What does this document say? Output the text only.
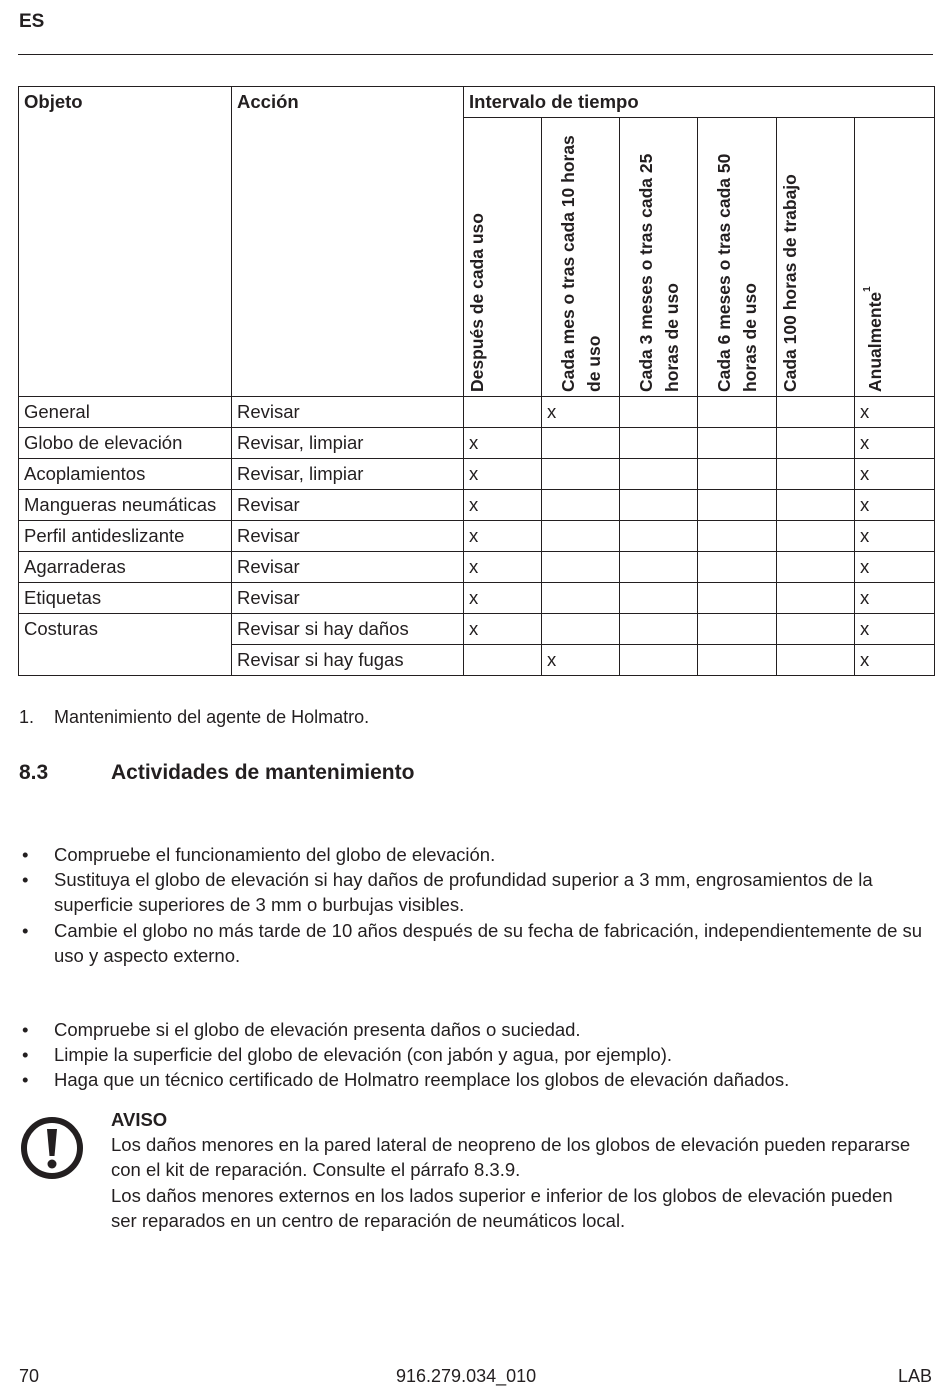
ES
Objeto	Acción	Intervalo de tiempo					

		Después de cada uso	Cada mes o tras cada 10 horas de uso	Cada 3 meses o tras cada 25 horas de uso	Cada 6 meses o tras cada 50 horas de uso	Cada 100 horas de trabajo	Anualmente$^1$

General	Revisar		x				x
Globo de elevación	Revisar, limpiar	x					x
Acoplamientos	Revisar, limpiar	x					x
Mangueras neumáticas	Revisar	x					x
Perfil antideslizante	Revisar	x					x
Agarraderas	Revisar	x					x
Etiquetas	Revisar	x					x
Costuras	Revisar si hay daños	x					x
	Revisar si hay fugas		x				x
1. Mantenimiento del agente de Holmatro.
8.3	Actividades de mantenimiento
• Compruebe el funcionamiento del globo de elevación.
• Sustituya el globo de elevación si hay daños de profundidad superior a 3 mm, engrosamientos de la superficie superiores de 3 mm o burbujas visibles.
• Cambie el globo no más tarde de 10 años después de su fecha de fabricación, independientemente de su uso y aspecto externo.
• Compruebe si el globo de elevación presenta daños o suciedad.
• Limpie la superficie del globo de elevación (con jabón y agua, por ejemplo).
• Haga que un técnico certificado de Holmatro reemplace los globos de elevación dañados.
AVISO
Los daños menores en la pared lateral de neopreno de los globos de elevación pueden repararse con el kit de reparación. Consulte el párrafo 8.3.9.
Los daños menores externos en los lados superior e inferior de los globos de elevación pueden ser reparados en un centro de reparación de neumáticos local.
70	916.279.034_010	LAB
